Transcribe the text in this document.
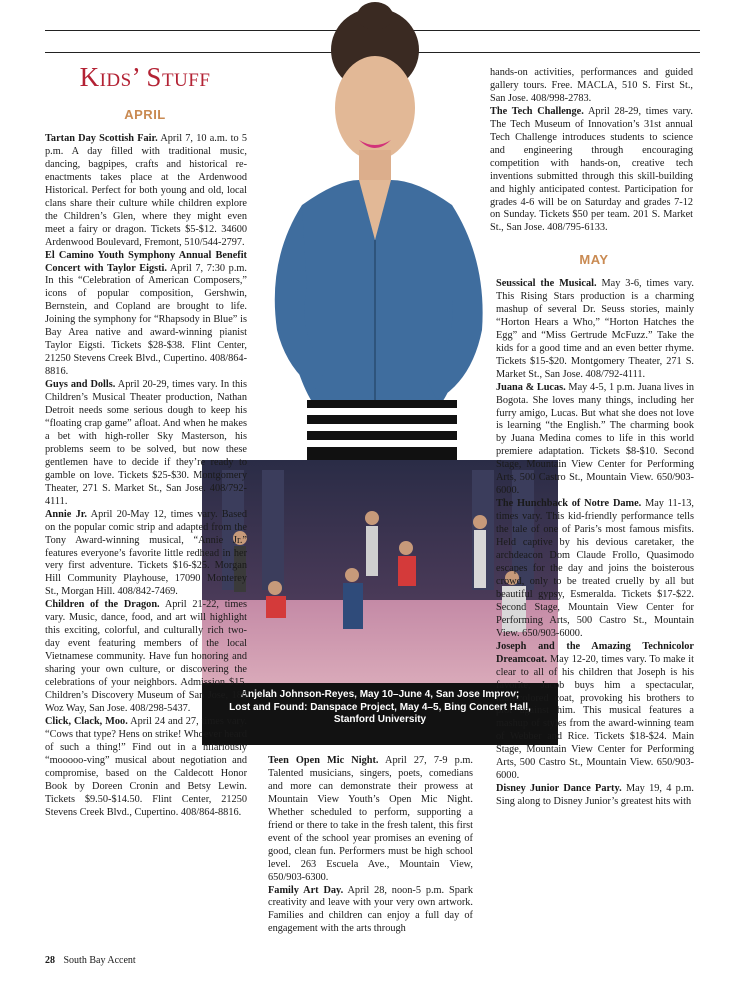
Kids’ Stuff
APRIL
MAY
Anjelah Johnson-Reyes, May 10–June 4, San Jose Improv;
Lost and Found: Danspace Project, May 4–5, Bing Concert Hall,
Stanford University

Tartan Day Scottish Fair. April 7, 10 a.m. to 5 p.m. A day filled with traditional music, dancing, bagpipes, crafts and historical re-enactments takes place at the Ardenwood Historical. Perfect for both young and old, local clans share their culture while children explore the Children’s Glen, where they might even meet a fairy or dragon. Tickets $5-$12. 34600 Ardenwood Boulevard, Fremont, 510/544-2797.

El Camino Youth Symphony Annual Benefit Concert with Taylor Eigsti. April 7, 7:30 p.m. In this “Celebration of American Composers,” icons of popular composition, Gershwin, Bernstein, and Copland are brought to life. Joining the symphony for “Rhapsody in Blue” is Bay Area native and award-winning pianist Taylor Eigsti. Tickets $28-$38. Flint Center, 21250 Stevens Creek Blvd., Cupertino. 408/864-8816.

Guys and Dolls. April 20-29, times vary. In this Children’s Musical Theater production, Nathan Detroit needs some serious dough to keep his “floating crap game” afloat. And when he makes a bet with high-roller Sky Masterson, his problems seem to be solved, but now these gentlemen have to decide if they’re ready to gamble on love. Tickets $25-$30. Montgomery Theater, 271 S. Market St., San Jose. 408/792-4111.

Annie Jr. April 20-May 12, times vary. Based on the popular comic strip and adapted from the Tony Award-winning musical, “Annie Jr.” features everyone’s favorite little redhead in her very first adventure. Tickets $16-$25. Morgan Hill Community Playhouse, 17090 Monterey St., Morgan Hill. 408/842-7469.

Children of the Dragon. April 21-22, times vary. Music, dance, food, and art will highlight this exciting, colorful, and culturally rich two-day event featuring members of the local Vietnamese community. Have fun honoring and sharing your own culture, or discovering the celebrations of your neighbors. Admission $15. Children’s Discovery Museum of San Jose, 180 Woz Way, San Jose. 408/298-5437.

Click, Clack, Moo. April 24 and 27, times vary. “Cows that type? Hens on strike! Whoever heard of such a thing!” Find out in a hilariously “mooooo-ving” musical about negotiation and compromise, based on the Caldecott Honor Book by Doreen Cronin and Betsy Lewin. Tickets $9.50-$14.50. Flint Center, 21250 Stevens Creek Blvd., Cupertino. 408/864-8816.

hands-on activities, performances and guided gallery tours. Free. MACLA, 510 S. First St., San Jose. 408/998-2783.

The Tech Challenge. April 28-29, times vary. The Tech Museum of Innovation’s 31st annual Tech Challenge introduces students to science and engineering through encouraging competition with hands-on, creative tech inventions submitted through this skill-building and highly anticipated contest. Participation for grades 4-6 will be on Saturday and grades 7-12 on Sunday. Tickets $50 per team. 201 S. Market St., San Jose. 408/795-6133.

Seussical the Musical. May 3-6, times vary. This Rising Stars production is a charming mashup of several Dr. Seuss stories, mainly “Horton Hears a Who,” “Horton Hatches the Egg” and “Miss Gertrude McFuzz.” Take the kids for a good time and an even better rhyme. Tickets $15-$20. Montgomery Theater, 271 S. Market St., San Jose. 408/792-4111.

Juana & Lucas. May 4-5, 1 p.m. Juana lives in Bogota. She loves many things, including her furry amigo, Lucas. But what she does not love is learning “the English.” The charming book by Juana Medina comes to life in this world premiere adaptation. Tickets $8-$10. Second Stage, Mountain View Center for Performing Arts, 500 Castro St., Mountain View. 650/903-6000.

The Hunchback of Notre Dame. May 11-13, times vary. This kid-friendly performance tells the tale of one of Paris’s most famous misfits. Held captive by his devious caretaker, the archdeacon Dom Claude Frollo, Quasimodo escapes for the day and joins the boisterous crowd, only to be treated cruelly by all but beautiful gypsy, Esmeralda. Tickets $17-$22. Second Stage, Mountain View Center for Performing Arts, 500 Castro St., Mountain View. 650/903-6000.

Joseph and the Amazing Technicolor Dreamcoat. May 12-20, times vary. To make it clear to all of his children that Joseph is his favorite, Jacob buys him a spectacular, multicolored coat, provoking his brothers to plot against him. This musical features a mashup of styles from the award-winning team of Webber and Rice. Tickets $18-$24. Main Stage, Mountain View Center for Performing Arts, 500 Castro St., Mountain View. 650/903-6000.

Disney Junior Dance Party. May 19, 4 p.m. Sing along to Disney Junior’s greatest hits with

Teen Open Mic Night. April 27, 7-9 p.m. Talented musicians, singers, poets, comedians and more can demonstrate their prowess at Mountain View Youth’s Open Mic Night. Whether scheduled to perform, supporting a friend or there to take in the fresh talent, this first event of the school year promises an evening of good, clean fun. Performers must be high school level. 263 Escuela Ave., Mountain View, 650/903-6300.

Family Art Day. April 28, noon-5 p.m. Spark creativity and leave with your very own artwork. Families and children can enjoy a full day of engagement with the arts through

28 South Bay Accent
